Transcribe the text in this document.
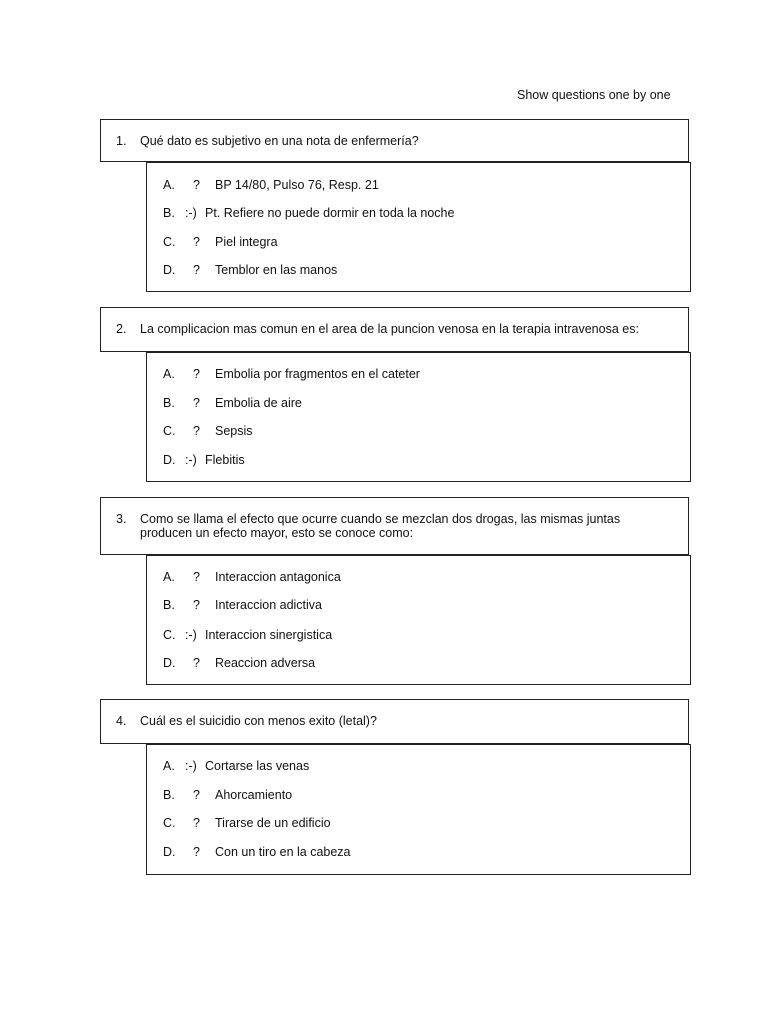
Show questions one by one
1. Qué dato es subjetivo en una nota de enfermería?
A. ? BP 14/80, Pulso 76, Resp. 21
B. :-) Pt. Refiere no puede dormir en toda la noche
C. ? Piel integra
D. ? Temblor en las manos
2. La complicacion mas comun en el area de la puncion venosa en la terapia intravenosa es:
A. ? Embolia por fragmentos en el cateter
B. ? Embolia de aire
C. ? Sepsis
D. :-) Flebitis
3. Como se llama el efecto que ocurre cuando se mezclan dos drogas, las mismas juntas producen un efecto mayor, esto se conoce como:
A. ? Interaccion antagonica
B. ? Interaccion adictiva
C. :-) Interaccion sinergistica
D. ? Reaccion adversa
4. Cuál es el suicidio con menos exito (letal)?
A. :-) Cortarse las venas
B. ? Ahorcamiento
C. ? Tirarse de un edificio
D. ? Con un tiro en la cabeza
